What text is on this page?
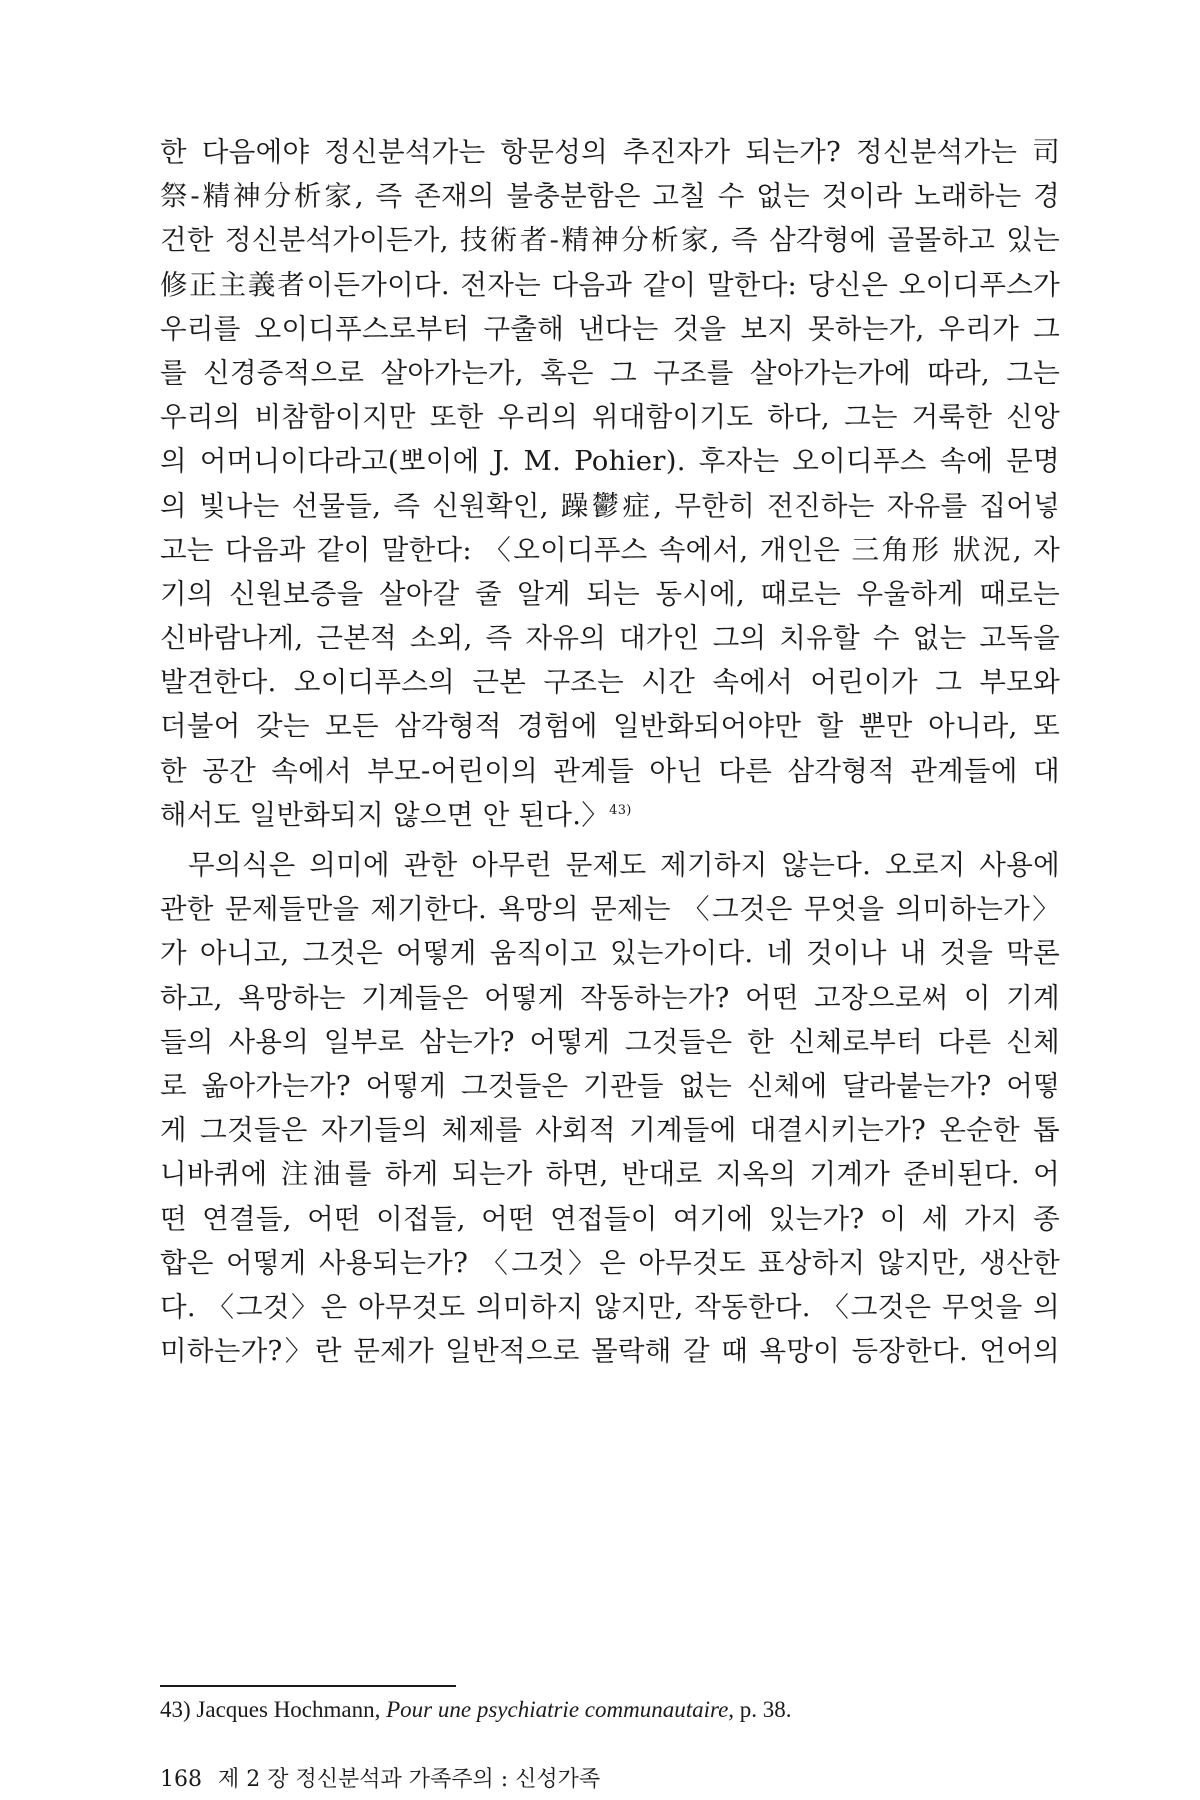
한 다음에야 정신분석가는 항문성의 추진자가 되는가? 정신분석가는 司
祭-精神分析家, 즉 존재의 불충분함은 고칠 수 없는 것이라 노래하는 경
건한 정신분석가이든가, 技術者-精神分析家, 즉 삼각형에 골몰하고 있는
修正主義者이든가이다. 전자는 다음과 같이 말한다: 당신은 오이디푸스가
우리를 오이디푸스로부터 구출해 낸다는 것을 보지 못하는가, 우리가 그
를 신경증적으로 살아가는가, 혹은 그 구조를 살아가는가에 따라, 그는
우리의 비참함이지만 또한 우리의 위대함이기도 하다, 그는 거룩한 신앙
의 어머니이다라고(뽀이에 J. M. Pohier). 후자는 오이디푸스 속에 문명
의 빛나는 선물들, 즉 신원확인, 躁鬱症, 무한히 전진하는 자유를 집어넣
고는 다음과 같이 말한다: 〈오이디푸스 속에서, 개인은 三角形 狀況, 자
기의 신원보증을 살아갈 줄 알게 되는 동시에, 때로는 우울하게 때로는
신바람나게, 근본적 소외, 즉 자유의 대가인 그의 치유할 수 없는 고독을
발견한다. 오이디푸스의 근본 구조는 시간 속에서 어린이가 그 부모와
더불어 갖는 모든 삼각형적 경험에 일반화되어야만 할 뿐만 아니라, 또
한 공간 속에서 부모-어린이의 관계들 아닌 다른 삼각형적 관계들에 대
해서도 일반화되지 않으면 안 된다.〉$^{43)}$
무의식은 의미에 관한 아무런 문제도 제기하지 않는다. 오로지 사용에
관한 문제들만을 제기한다. 욕망의 문제는 〈그것은 무엇을 의미하는가〉
가 아니고, 그것은 어떻게 움직이고 있는가이다. 네 것이나 내 것을 막론
하고, 욕망하는 기계들은 어떻게 작동하는가? 어떤 고장으로써 이 기계
들의 사용의 일부로 삼는가? 어떻게 그것들은 한 신체로부터 다른 신체
로 옮아가는가? 어떻게 그것들은 기관들 없는 신체에 달라붙는가? 어떻
게 그것들은 자기들의 체제를 사회적 기계들에 대결시키는가? 온순한 톱
니바퀴에 注油를 하게 되는가 하면, 반대로 지옥의 기계가 준비된다. 어
떤 연결들, 어떤 이접들, 어떤 연접들이 여기에 있는가? 이 세 가지 종
합은 어떻게 사용되는가? 〈그것〉은 아무것도 표상하지 않지만, 생산한
다. 〈그것〉은 아무것도 의미하지 않지만, 작동한다. 〈그것은 무엇을 의
미하는가?〉란 문제가 일반적으로 몰락해 갈 때 욕망이 등장한다. 언어의
43) Jacques Hochmann, Pour une psychiatrie communautaire, p. 38.
168 제 2 장 정신분석과 가족주의 : 신성가족
